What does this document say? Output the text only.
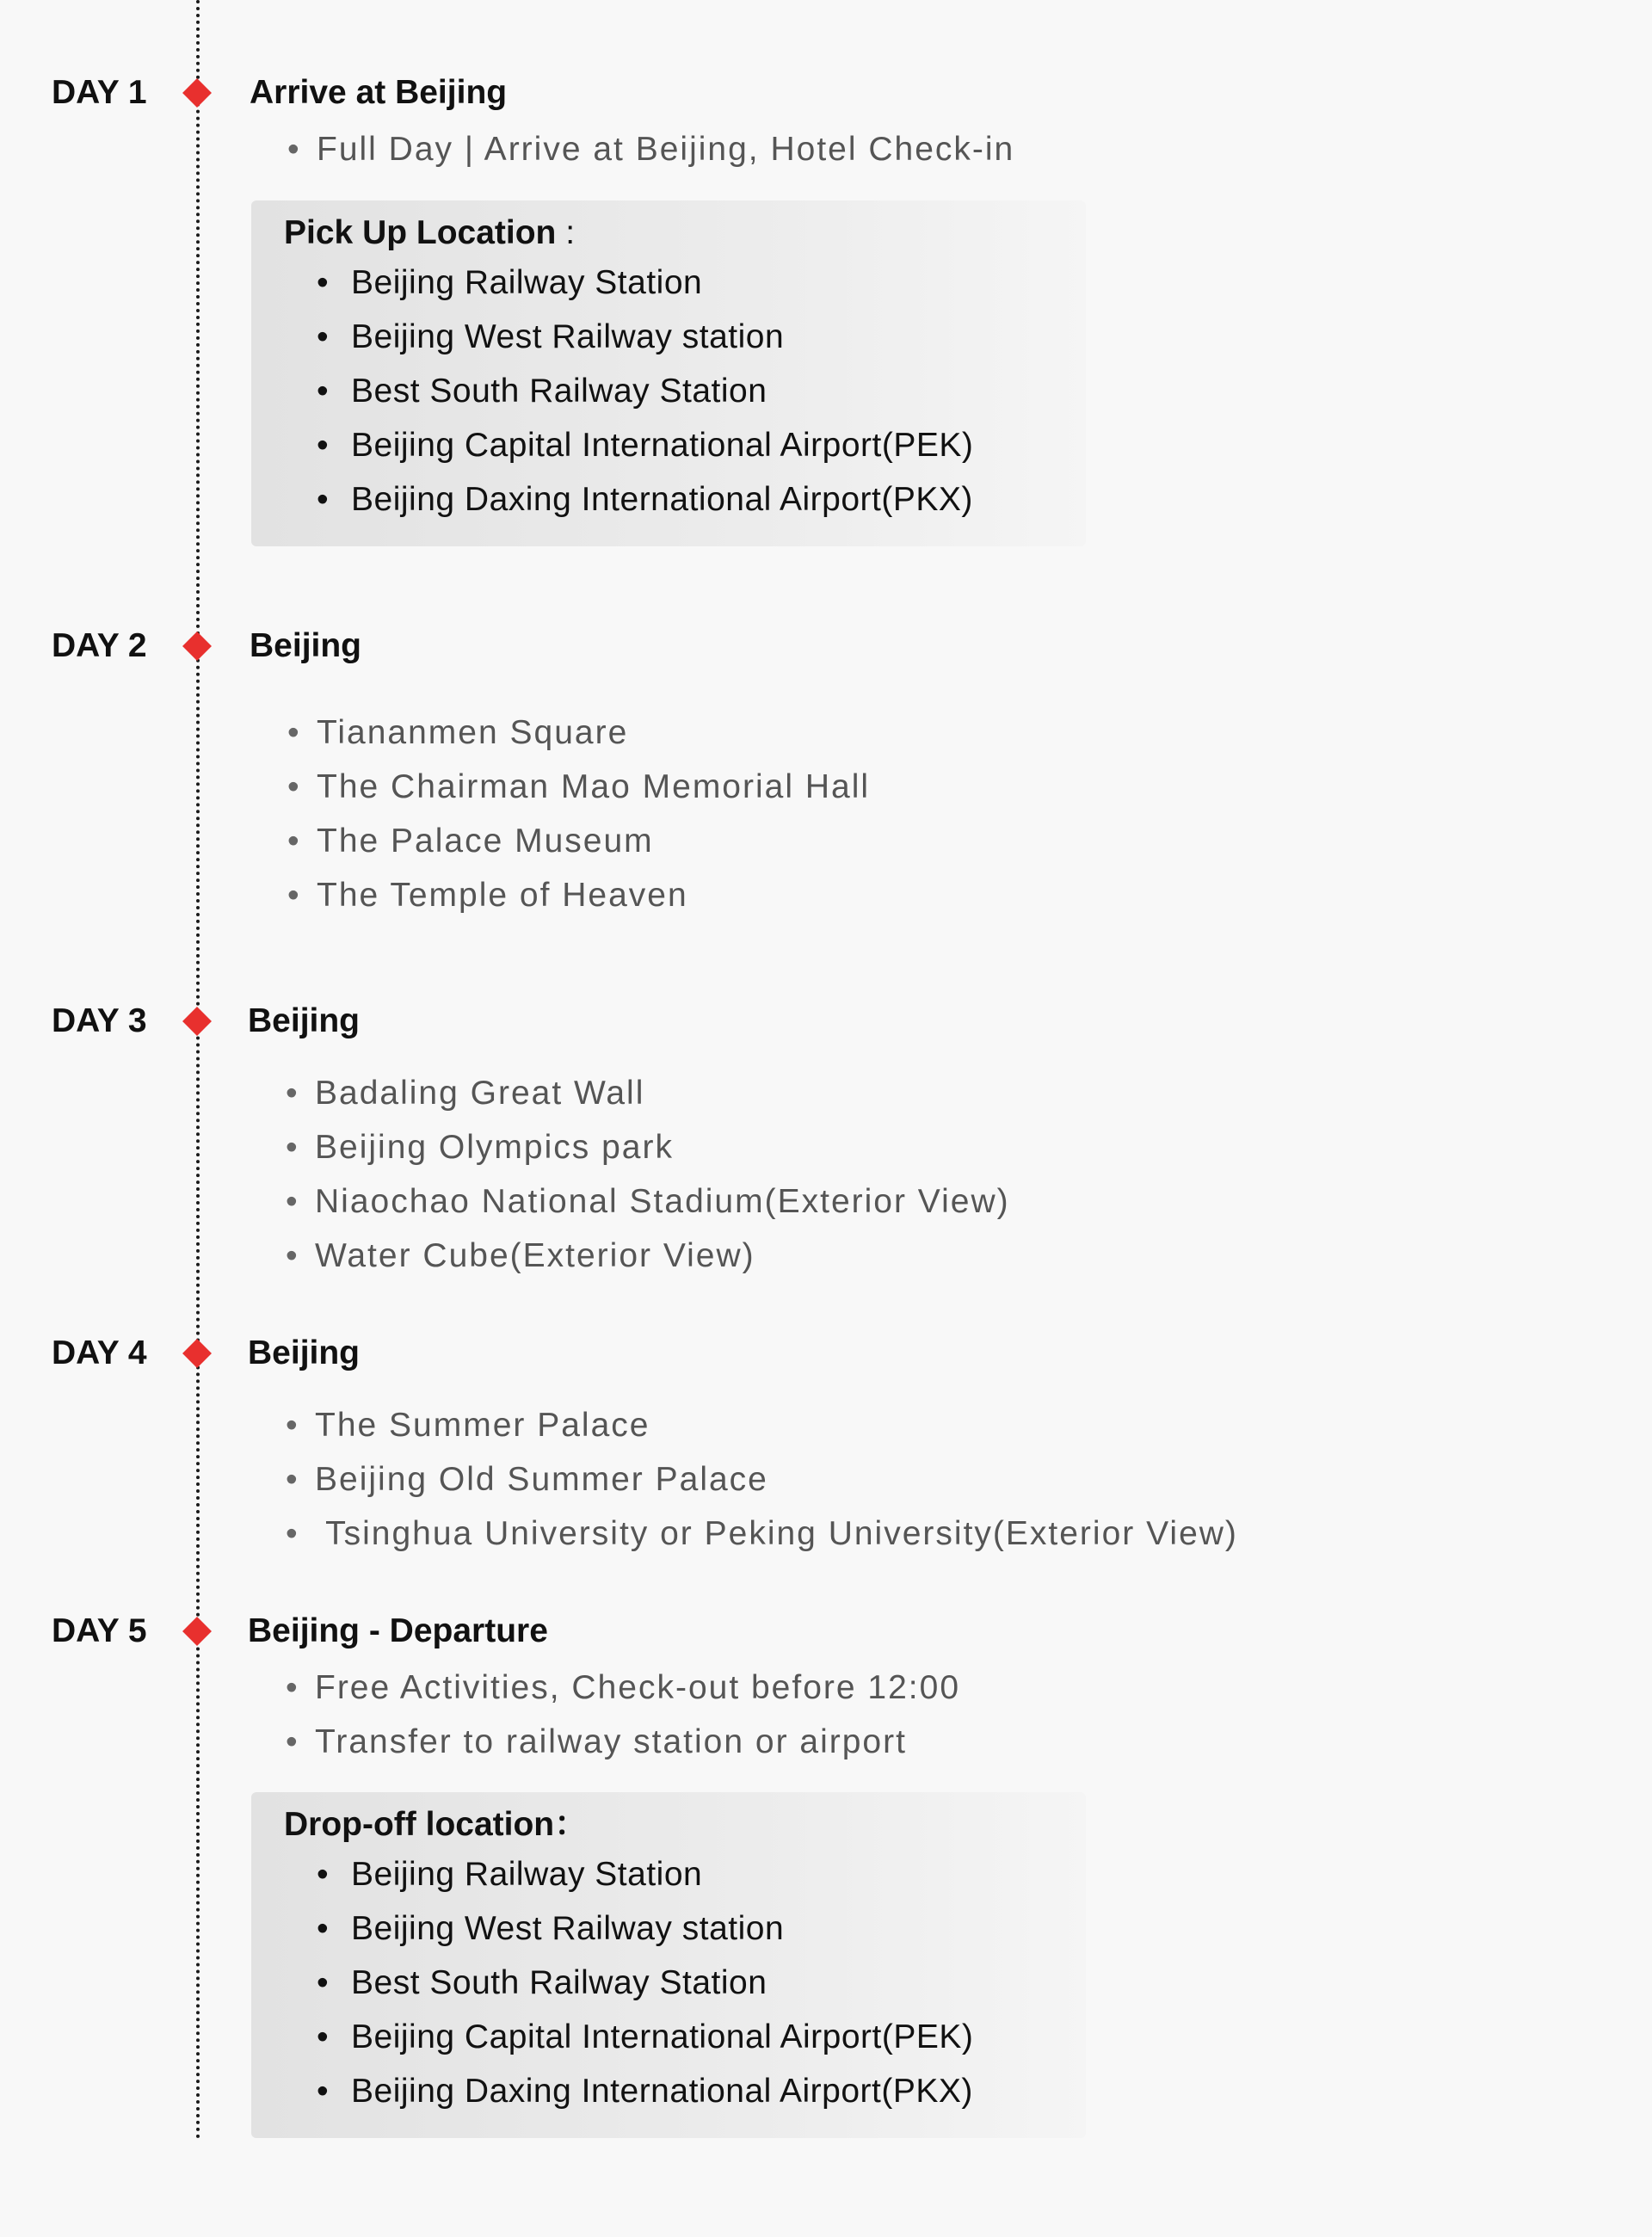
DAY 1	Arrive at Beijing
• Full Day | Arrive at Beijing, Hotel Check-in
Pick Up Location :
• Beijing Railway Station
• Beijing West Railway station
• Best South Railway Station
• Beijing Capital International Airport(PEK)
• Beijing Daxing International Airport(PKX)
DAY 2	Beijing
• Tiananmen Square
• The Chairman Mao Memorial Hall
• The Palace Museum
• The Temple of Heaven
DAY 3	Beijing
• Badaling Great Wall
• Beijing Olympics park
• Niaochao National Stadium(Exterior View)
• Water Cube(Exterior View)
DAY 4	Beijing
• The Summer Palace
• Beijing Old Summer Palace
•  Tsinghua University or Peking University(Exterior View)
DAY 5	Beijing - Departure
• Free Activities, Check-out before 12:00
• Transfer to railway station or airport
Drop-off location：
• Beijing Railway Station
• Beijing West Railway station
• Best South Railway Station
• Beijing Capital International Airport(PEK)
• Beijing Daxing International Airport(PKX)
